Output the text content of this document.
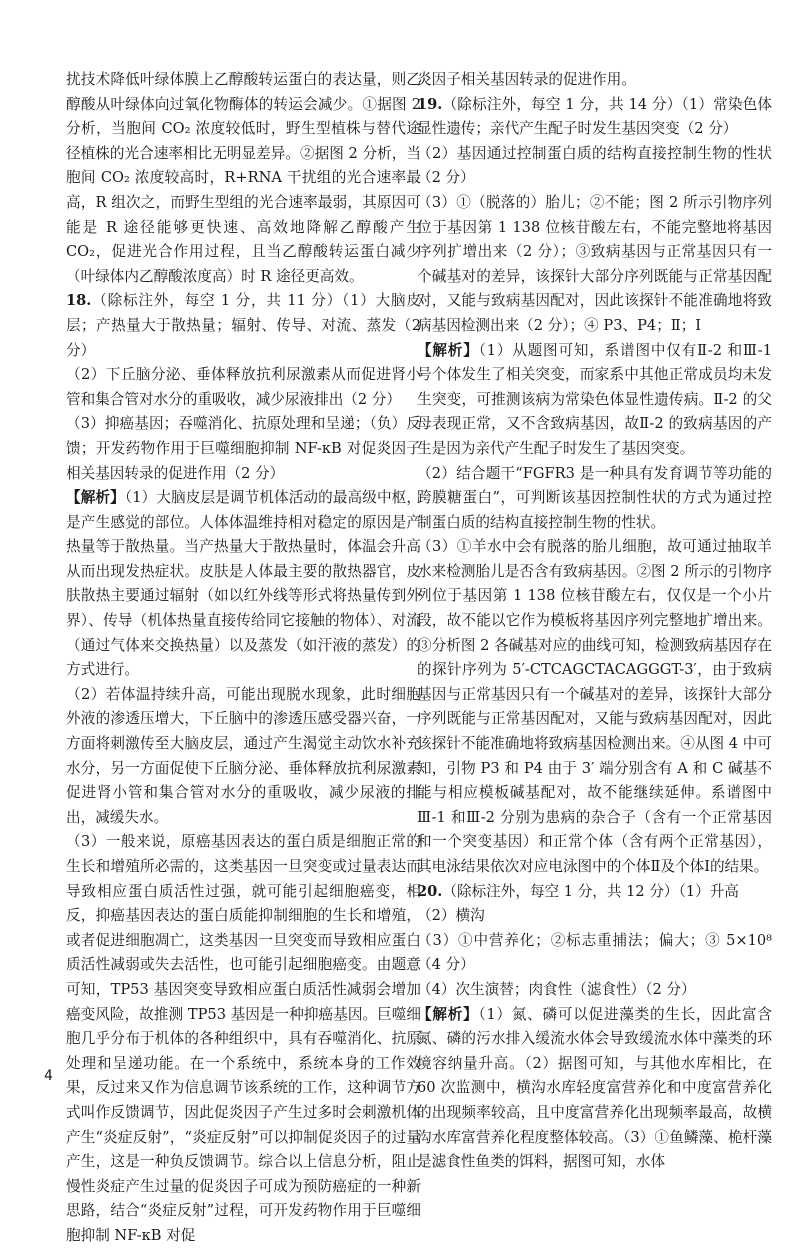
扰技术降低叶绿体膜上乙醇酸转运蛋白的表达量，则乙醇酸从叶绿体向过氧化物酶体的转运会减少。①据图 2 分析，当胞间 CO₂ 浓度较低时，野生型植株与替代途径植株的光合速率相比无明显差异。②据图 2 分析，当胞间 CO₂ 浓度较高时，R+RNA 干扰组的光合速率最高，R 组次之，而野生型组的光合速率最弱，其原因可能是 R 途径能够更快速、高效地降解乙醇酸产生 CO₂，促进光合作用过程，且当乙醇酸转运蛋白减少（叶绿体内乙醇酸浓度高）时 R 途径更高效。

18.（除标注外，每空 1 分，共 11 分）（1）大脑皮层；产热量大于散热量；辐射、传导、对流、蒸发（2 分）

（2）下丘脑分泌、垂体释放抗利尿激素从而促进肾小管和集合管对水分的重吸收，减少尿液排出（2 分）

（3）抑癌基因；吞噬消化、抗原处理和呈递；（负）反馈；开发药物作用于巨噬细胞抑制 NF-κB 对促炎因子相关基因转录的促进作用（2 分）

【解析】（1）大脑皮层是调节机体活动的最高级中枢，是产生感觉的部位。人体体温维持相对稳定的原因是产热量等于散热量。当产热量大于散热量时，体温会升高从而出现发热症状。皮肤是人体最主要的散热器官，皮肤散热主要通过辐射（如以红外线等形式将热量传到外界）、传导（机体热量直接传给同它接触的物体）、对流（通过气体来交换热量）以及蒸发（如汗液的蒸发）的方式进行。

（2）若体温持续升高，可能出现脱水现象，此时细胞外液的渗透压增大，下丘脑中的渗透压感受器兴奋，一方面将刺激传至大脑皮层，通过产生渴觉主动饮水补充水分，另一方面促使下丘脑分泌、垂体释放抗利尿激素促进肾小管和集合管对水分的重吸收，减少尿液的排出，减缓失水。

（3）一般来说，原癌基因表达的蛋白质是细胞正常的生长和增殖所必需的，这类基因一旦突变或过量表达而导致相应蛋白质活性过强，就可能引起细胞癌变，相反，抑癌基因表达的蛋白质能抑制细胞的生长和增殖，或者促进细胞凋亡，这类基因一旦突变而导致相应蛋白质活性减弱或失去活性，也可能引起细胞癌变。由题意可知，TP53 基因突变导致相应蛋白质活性减弱会增加癌变风险，故推测 TP53 基因是一种抑癌基因。巨噬细胞几乎分布于机体的各种组织中，具有吞噬消化、抗原处理和呈递功能。在一个系统中，系统本身的工作效果，反过来又作为信息调节该系统的工作，这种调节方式叫作反馈调节，因此促炎因子产生过多时会刺激机体产生“炎症反射”，“炎症反射”可以抑制促炎因子的过量产生，这是一种负反馈调节。综合以上信息分析，阻止慢性炎症产生过量的促炎因子可成为预防癌症的一种新思路，结合“炎症反射”过程，可开发药物作用于巨噬细胞抑制 NF-κB 对促

炎因子相关基因转录的促进作用。

19.（除标注外，每空 1 分，共 14 分）（1）常染色体显性遗传；亲代产生配子时发生基因突变（2 分）

（2）基因通过控制蛋白质的结构直接控制生物的性状（2 分）

（3）①（脱落的）胎儿；②不能；图 2 所示引物序列位于基因第 1 138 位核苷酸左右，不能完整地将基因序列扩增出来（2 分）；③致病基因与正常基因只有一个碱基对的差异，该探针大部分序列既能与正常基因配对，又能与致病基因配对，因此该探针不能准确地将致病基因检测出来（2 分）；④ P3、P4；Ⅱ；Ⅰ

【解析】（1）从题图可知，系谱图中仅有Ⅱ-2 和Ⅲ-1 号个体发生了相关突变，而家系中其他正常成员均未发生突变，可推测该病为常染色体显性遗传病。Ⅱ-2 的父母表现正常，又不含致病基因，故Ⅱ-2 的致病基因的产生是因为亲代产生配子时发生了基因突变。

（2）结合题干“FGFR3 是一种具有发育调节等功能的跨膜糖蛋白”，可判断该基因控制性状的方式为通过控制蛋白质的结构直接控制生物的性状。

（3）①羊水中会有脱落的胎儿细胞，故可通过抽取羊水来检测胎儿是否含有致病基因。②图 2 所示的引物序列位于基因第 1 138 位核苷酸左右，仅仅是一个小片段，故不能以它作为模板将基因序列完整地扩增出来。③分析图 2 各碱基对应的曲线可知，检测致病基因存在的探针序列为 5′-CTCAGCTACAGGGT-3′，由于致病基因与正常基因只有一个碱基对的差异，该探针大部分序列既能与正常基因配对，又能与致病基因配对，因此该探针不能准确地将致病基因检测出来。④从图 4 中可知，引物 P3 和 P4 由于 3′ 端分别含有 A 和 C 碱基不能与相应模板碱基配对，故不能继续延伸。系谱图中Ⅲ-1 和Ⅲ-2 分别为患病的杂合子（含有一个正常基因和一个突变基因）和正常个体（含有两个正常基因），其电泳结果依次对应电泳图中的个体Ⅱ及个体Ⅰ的结果。

20.（除标注外，每空 1 分，共 12 分）（1）升高

（2）横沟

（3）①中营养化；②标志重捕法；偏大；③ 5×10⁸（4 分）

（4）次生演替；肉食性（滤食性）（2 分）

【解析】（1）氮、磷可以促进藻类的生长，因此富含氮、磷的污水排入缓流水体会导致缓流水体中藻类的环境容纳量升高。（2）据图可知，与其他水库相比，在 60 次监测中，横沟水库轻度富营养化和中度富营养化的出现频率较高，且中度富营养化出现频率最高，故横沟水库富营养化程度整体较高。（3）①鱼鳞藻、桅杆藻是滤食性鱼类的饵料，据图可知，水体

4
